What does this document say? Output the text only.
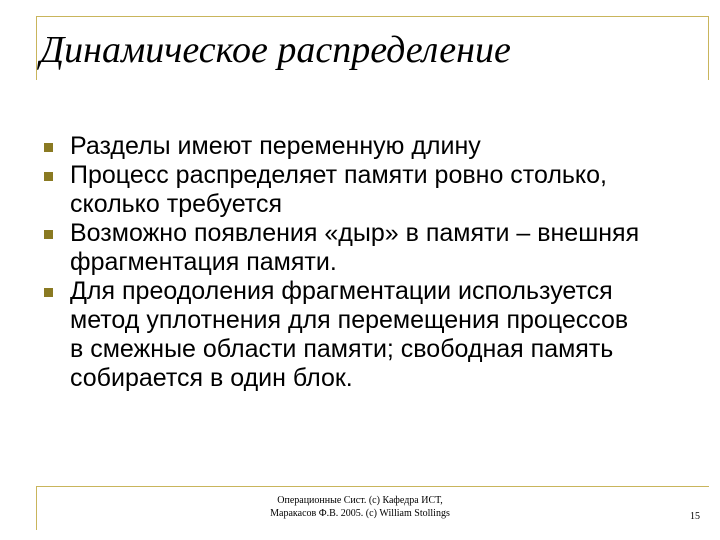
Динамическое распределение
Разделы имеют переменную длину
Процесс распределяет памяти ровно столько, сколько требуется
Возможно появления «дыр» в памяти – внешняя фрагментация памяти.
Для преодоления фрагментации используется метод уплотнения для перемещения процессов в смежные области памяти; свободная память собирается в один блок.
Операционные Сист. (с) Кафедра ИСТ,
Маракасов Ф.В. 2005. (с) William Stollings	15
